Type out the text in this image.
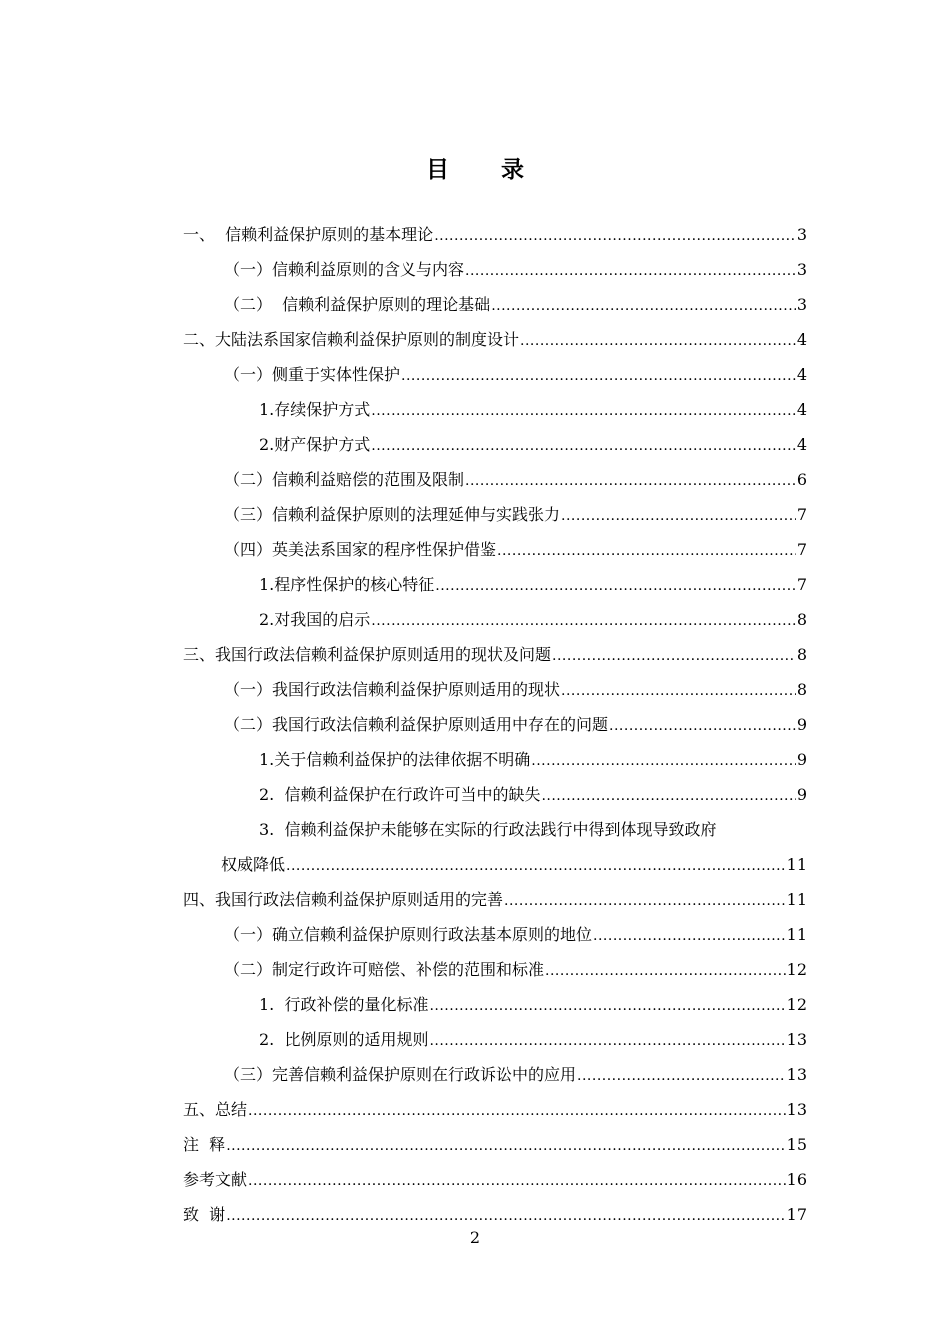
目 录
一、  信赖利益保护原则的基本理论 .....	3
（一）信赖利益原则的含义与内容 .....	3
（二）  信赖利益保护原则的理论基础 .....	3
二、大陆法系国家信赖利益保护原则的制度设计 .....	4
（一）侧重于实体性保护 .....	4
1.存续保护方式 .....	4
2.财产保护方式 .....	4
（二）信赖利益赔偿的范围及限制 .....	6
（三）信赖利益保护原则的法理延伸与实践张力 .....	7
（四）英美法系国家的程序性保护借鉴 .....	7
1.程序性保护的核心特征 .....	7
2.对我国的启示 .....	8
三、我国行政法信赖利益保护原则适用的现状及问题 .....	8
（一）我国行政法信赖利益保护原则适用的现状 .....	8
（二）我国行政法信赖利益保护原则适用中存在的问题 .....	9
1.关于信赖利益保护的法律依据不明确 .....	9
2.  信赖利益保护在行政许可当中的缺失 .....	9
3.  信赖利益保护未能够在实际的行政法践行中得到体现导致政府
权威降低 .....	11
四、我国行政法信赖利益保护原则适用的完善 .....	11
（一）确立信赖利益保护原则行政法基本原则的地位 .....	11
（二）制定行政许可赔偿、补偿的范围和标准 .....	12
1.  行政补偿的量化标准 .....	12
2.  比例原则的适用规则 .....	13
（三）完善信赖利益保护原则在行政诉讼中的应用 .....	13
五、总结 .....	13
注  释 .....	15
参考文献 .....	16
致  谢 .....	17
2
